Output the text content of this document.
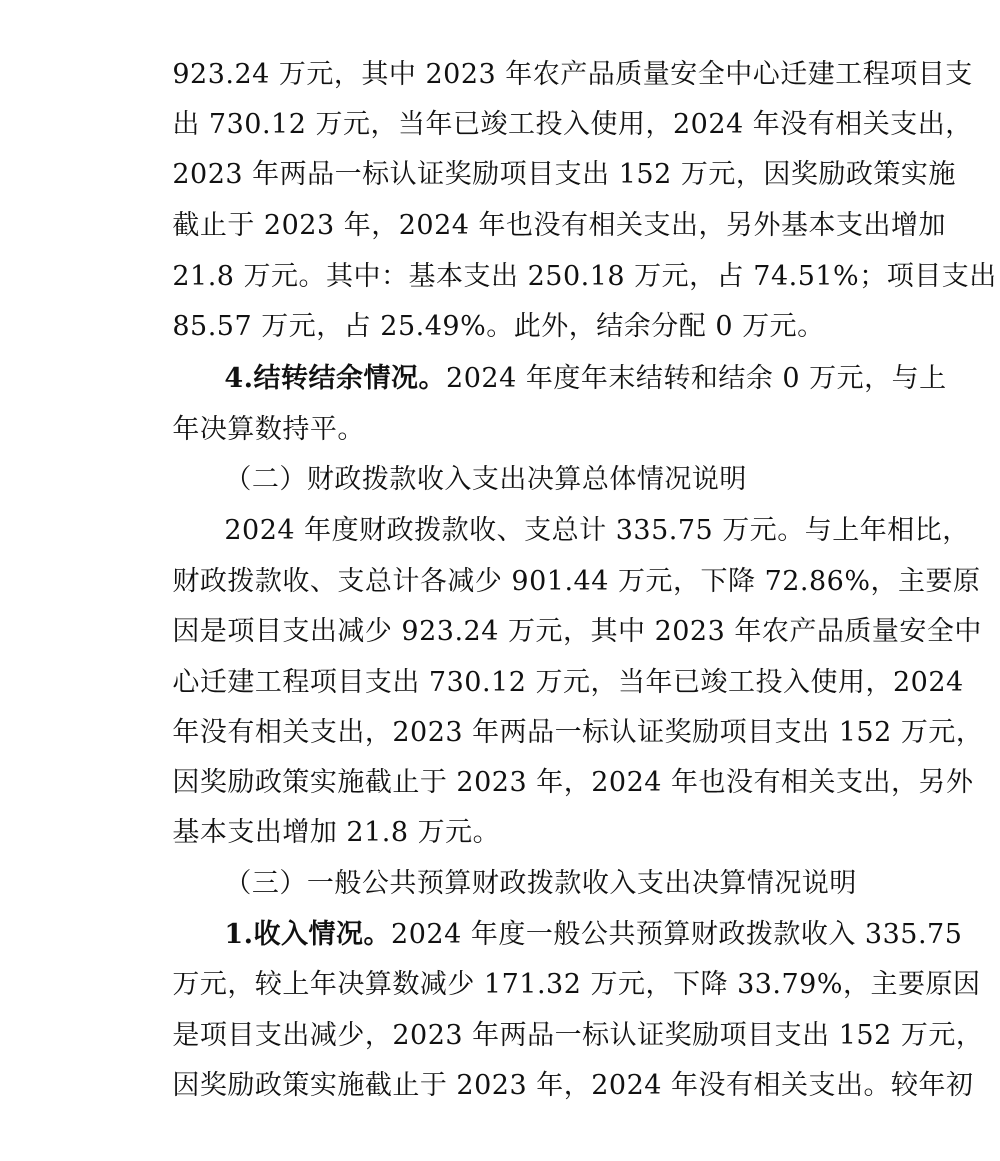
923.24 万元，其中 2023 年农产品质量安全中心迁建工程项目支

出 730.12 万元，当年已竣工投入使用，2024 年没有相关支出，

2023 年两品一标认证奖励项目支出 152 万元，因奖励政策实施

截止于 2023 年，2024 年也没有相关支出，另外基本支出增加

21.8 万元。其中：基本支出 250.18 万元，占 74.51%；项目支出

85.57 万元，占 25.49%。此外，结余分配 0 万元。

4.结转结余情况。2024 年度年末结转和结余 0 万元，与上

年决算数持平。

（二）财政拨款收入支出决算总体情况说明

2024 年度财政拨款收、支总计 335.75 万元。与上年相比，

财政拨款收、支总计各减少 901.44 万元，下降 72.86%，主要原

因是项目支出减少 923.24 万元，其中 2023 年农产品质量安全中

心迁建工程项目支出 730.12 万元，当年已竣工投入使用，2024

年没有相关支出，2023 年两品一标认证奖励项目支出 152 万元，

因奖励政策实施截止于 2023 年，2024 年也没有相关支出，另外

基本支出增加 21.8 万元。

（三）一般公共预算财政拨款收入支出决算情况说明

1.收入情况。2024 年度一般公共预算财政拨款收入 335.75

万元，较上年决算数减少 171.32 万元，下降 33.79%，主要原因

是项目支出减少，2023 年两品一标认证奖励项目支出 152 万元，

因奖励政策实施截止于 2023 年，2024 年没有相关支出。较年初
